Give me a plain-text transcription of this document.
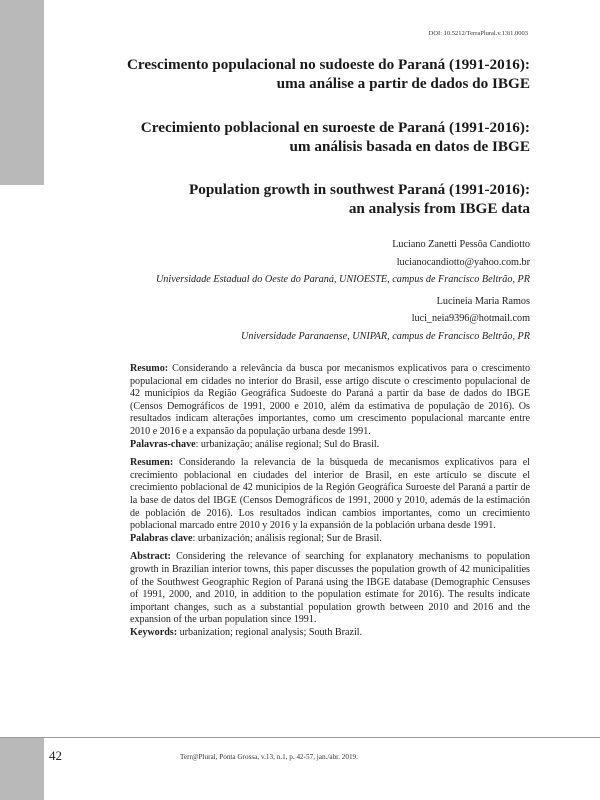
DOI: 10.5212/TerraPlural.v.13i1.0003
Crescimento populacional no sudoeste do Paraná (1991-2016):
uma análise a partir de dados do IBGE
Crecimiento poblacional en suroeste de Paraná (1991-2016):
um análisis basada en datos de IBGE
Population growth in southwest Paraná (1991-2016):
an analysis from IBGE data
Luciano Zanetti Pessôa Candiotto
lucianocandiotto@yahoo.com.br
Universidade Estadual do Oeste do Paraná, UNIOESTE, campus de Francisco Beltrão, PR
Lucineia Maria Ramos
luci_neia9396@hotmail.com
Universidade Paranaense, UNIPAR, campus de Francisco Beltrão, PR
Resumo: Considerando a relevância da busca por mecanismos explicativos para o crescimento populacional em cidades no interior do Brasil, esse artigo discute o crescimento populacional de 42 municípios da Região Geográfica Sudoeste do Paraná a partir da base de dados do IBGE (Censos Demográficos de 1991, 2000 e 2010, além da estimativa de população de 2016). Os resultados indicam alterações importantes, como um crescimento populacional marcante entre 2010 e 2016 e a expansão da população urbana desde 1991.
Palavras-chave: urbanização; análise regional; Sul do Brasil.
Resumen: Considerando la relevancia de la búsqueda de mecanismos explicativos para el crecimiento poblacional en ciudades del interior de Brasil, en este artículo se discute el crecimiento poblacional de 42 municipios de la Región Geográfica Suroeste del Paraná a partir de la base de datos del IBGE (Censos Demográficos de 1991, 2000 y 2010, además de la estimación de población de 2016). Los resultados indican cambios importantes, como un crecimiento poblacional marcado entre 2010 y 2016 y la expansión de la población urbana desde 1991.
Palabras clave: urbanización; análisis regional; Sur de Brasil.
Abstract: Considering the relevance of searching for explanatory mechanisms to population growth in Brazilian interior towns, this paper discusses the population growth of 42 municipalities of the Southwest Geographic Region of Paraná using the IBGE database (Demographic Censuses of 1991, 2000, and 2010, in addition to the population estimate for 2016). The results indicate important changes, such as a substantial population growth between 2010 and 2016 and the expansion of the urban population since 1991.
Keywords: urbanization; regional analysis; South Brazil.
42	Terr@Plural, Ponta Grossa, v.13, n.1, p. 42-57, jan./abr. 2019.
